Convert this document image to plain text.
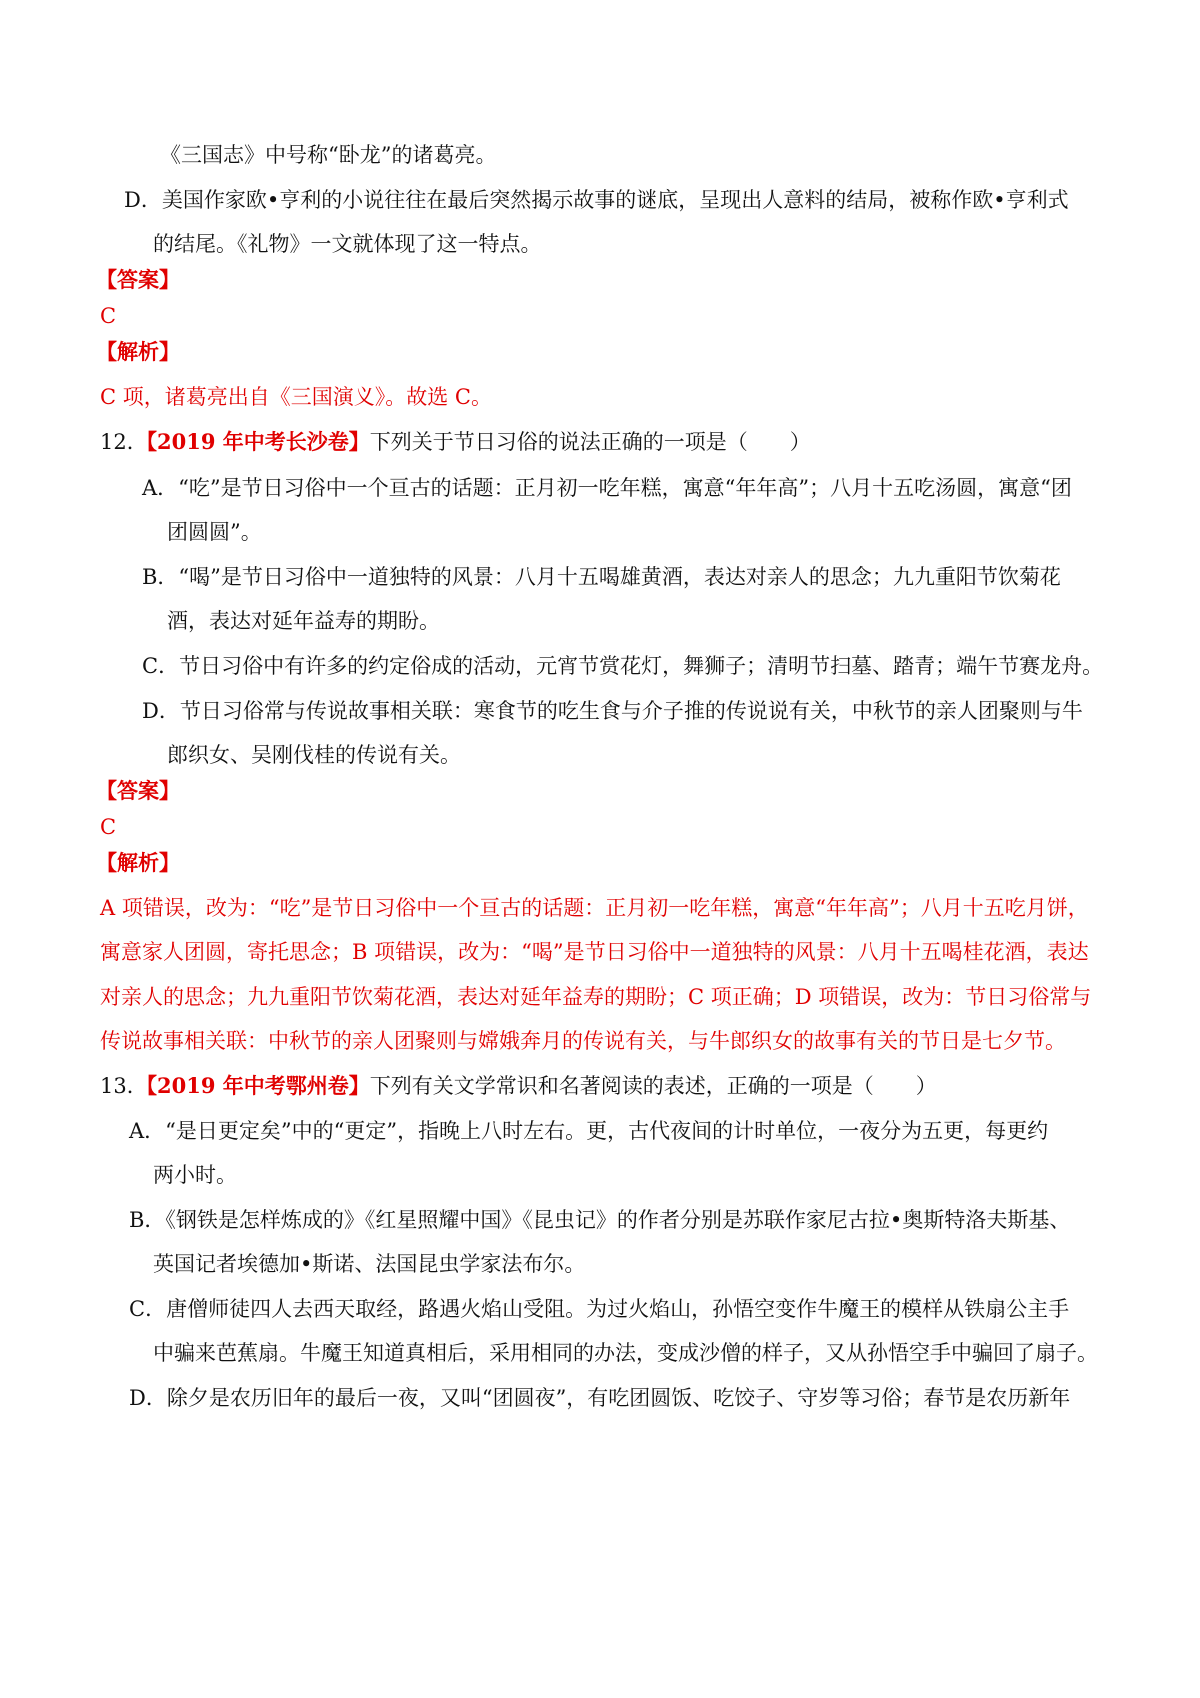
《三国志》中号称“卧龙”的诸葛亮。
D．美国作家欧•亨利的小说往往在最后突然揭示故事的谜底，呈现出人意料的结局，被称作欧•亨利式
的结尾。《礼物》一文就体现了这一特点。
【答案】
C
【解析】
C 项，诸葛亮出自《三国演义》。故选 C。
12．【2019 年中考长沙卷】下列关于节日习俗的说法正确的一项是（　　）
A．“吃”是节日习俗中一个亘古的话题：正月初一吃年糕，寓意“年年高”；八月十五吃汤圆，寓意“团
团圆圆”。
B．“喝”是节日习俗中一道独特的风景：八月十五喝雄黄酒，表达对亲人的思念；九九重阳节饮菊花
酒，表达对延年益寿的期盼。
C．节日习俗中有许多的约定俗成的活动，元宵节赏花灯，舞狮子；清明节扫墓、踏青；端午节赛龙舟。
D．节日习俗常与传说故事相关联：寒食节的吃生食与介子推的传说说有关，中秋节的亲人团聚则与牛
郎织女、吴刚伐桂的传说有关。
【答案】
C
【解析】
A 项错误，改为：“吃”是节日习俗中一个亘古的话题：正月初一吃年糕，寓意“年年高”；八月十五吃月饼，
寓意家人团圆，寄托思念；B 项错误，改为：“喝”是节日习俗中一道独特的风景：八月十五喝桂花酒，表达
对亲人的思念；九九重阳节饮菊花酒，表达对延年益寿的期盼；C 项正确；D 项错误，改为：节日习俗常与
传说故事相关联：中秋节的亲人团聚则与嫦娥奔月的传说有关，与牛郎织女的故事有关的节日是七夕节。
13．【2019 年中考鄂州卷】下列有关文学常识和名著阅读的表述，正确的一项是（　　）
A．“是日更定矣”中的“更定”，指晚上八时左右。更，古代夜间的计时单位，一夜分为五更，每更约
两小时。
B．《钢铁是怎样炼成的》《红星照耀中国》《昆虫记》的作者分别是苏联作家尼古拉•奥斯特洛夫斯基、
英国记者埃德加•斯诺、法国昆虫学家法布尔。
C．唐僧师徒四人去西天取经，路遇火焰山受阻。为过火焰山，孙悟空变作牛魔王的模样从铁扇公主手
中骗来芭蕉扇。牛魔王知道真相后，采用相同的办法，变成沙僧的样子，又从孙悟空手中骗回了扇子。
D．除夕是农历旧年的最后一夜，又叫“团圆夜”，有吃团圆饭、吃饺子、守岁等习俗；春节是农历新年
